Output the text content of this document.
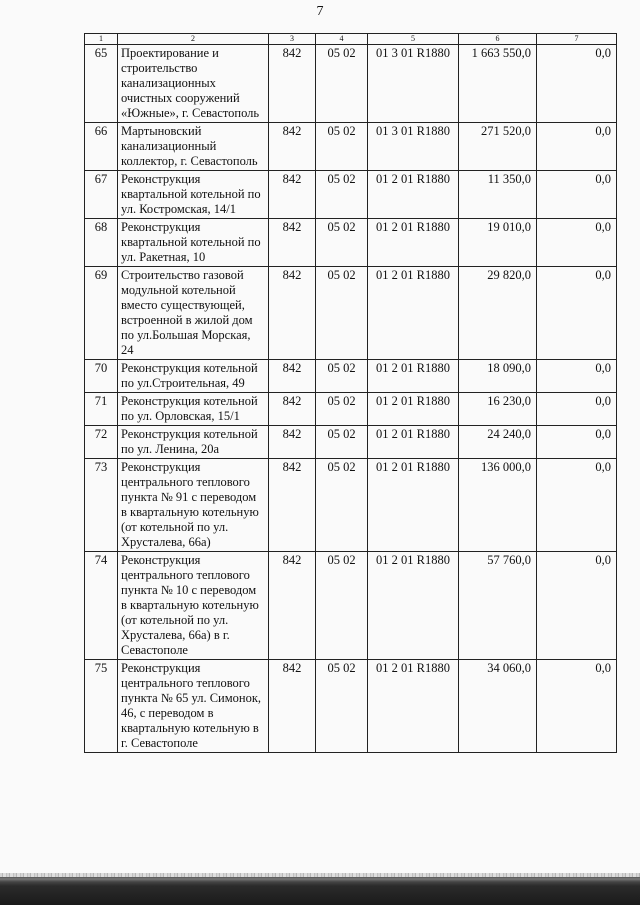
7
1	2	3	4	5	6	7
65	Проектирование и строительство канализационных очистных сооружений «Южные», г. Севастополь	842	05 02	01 3 01 R1880	1 663 550,0	0,0
66	Мартыновский канализационный коллектор, г. Севастополь	842	05 02	01 3 01 R1880	271 520,0	0,0
67	Реконструкция квартальной котельной по ул. Костромская, 14/1	842	05 02	01 2 01 R1880	11 350,0	0,0
68	Реконструкция квартальной котельной по ул. Ракетная, 10	842	05 02	01 2 01 R1880	19 010,0	0,0
69	Строительство газовой модульной котельной вместо существующей, встроенной в жилой дом по ул.Большая Морская, 24	842	05 02	01 2 01 R1880	29 820,0	0,0
70	Реконструкция котельной по ул.Строительная, 49	842	05 02	01 2 01 R1880	18 090,0	0,0
71	Реконструкция котельной по ул. Орловская, 15/1	842	05 02	01 2 01 R1880	16 230,0	0,0
72	Реконструкция котельной по ул. Ленина, 20а	842	05 02	01 2 01 R1880	24 240,0	0,0
73	Реконструкция центрального теплового пункта № 91 с переводом в квартальную котельную (от котельной по ул. Хрусталева, 66а)	842	05 02	01 2 01 R1880	136 000,0	0,0
74	Реконструкция центрального теплового пункта № 10 с переводом в квартальную котельную (от котельной по ул. Хрусталева, 66а) в г. Севастополе	842	05 02	01 2 01 R1880	57 760,0	0,0
75	Реконструкция центрального теплового пункта № 65 ул. Симонок, 46, с переводом в квартальную котельную в г. Севастополе	842	05 02	01 2 01 R1880	34 060,0	0,0
